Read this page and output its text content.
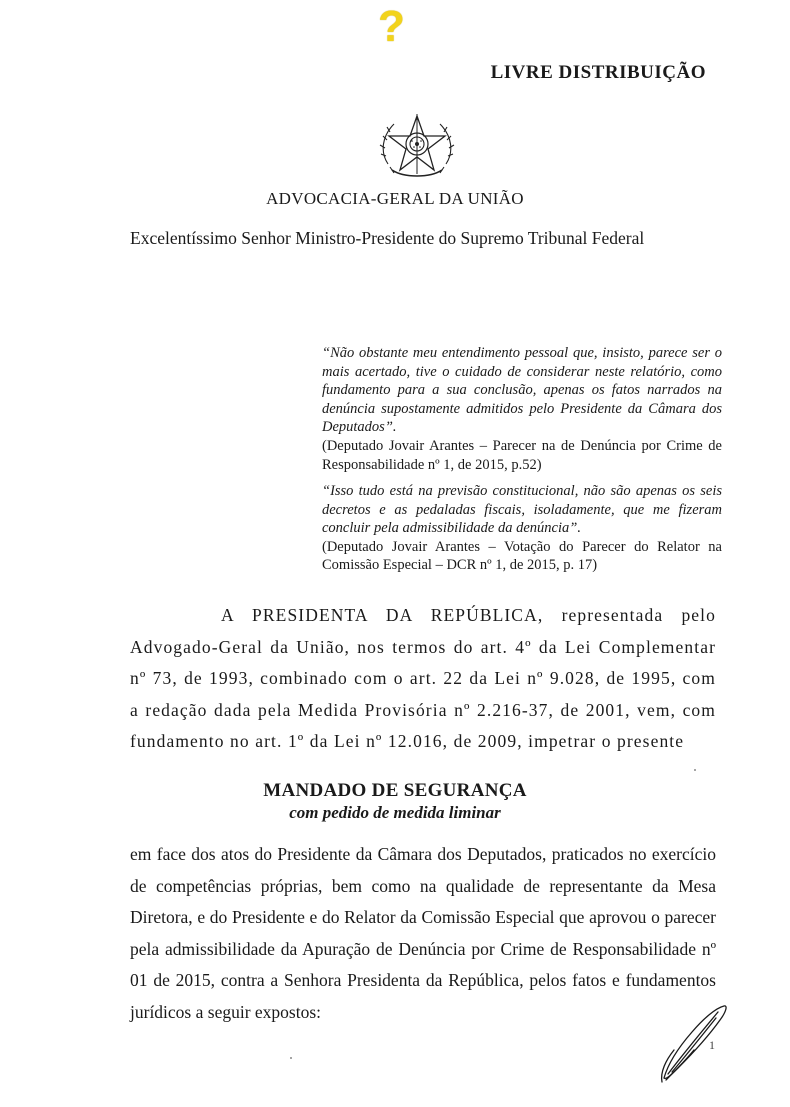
?
LIVRE DISTRIBUIÇÃO
ADVOCACIA-GERAL DA UNIÃO
Excelentíssimo Senhor Ministro-Presidente do Supremo Tribunal Federal

“Não obstante meu entendimento pessoal que, insisto, parece ser o mais acertado, tive o cuidado de considerar neste relatório, como fundamento para a sua conclusão, apenas os fatos narrados na denúncia supostamente admitidos pelo Presidente da Câmara dos Deputados”.

(Deputado Jovair Arantes – Parecer na de Denúncia por Crime de Responsabilidade nº 1, de 2015, p.52)

“Isso tudo está na previsão constitucional, não são apenas os seis decretos e as pedaladas fiscais, isoladamente, que me fizeram concluir pela admissibilidade da denúncia”.

(Deputado Jovair Arantes – Votação do Parecer do Relator na Comissão Especial – DCR nº 1, de 2015, p. 17)

A PRESIDENTA DA REPÚBLICA, representada pelo Advogado-Geral da União, nos termos do art. 4º da Lei Complementar nº 73, de 1993, combinado com o art. 22 da Lei nº 9.028, de 1995, com a redação dada pela Medida Provisória nº 2.216-37, de 2001, vem, com fundamento no art. 1º da Lei nº 12.016, de 2009, impetrar o presente
MANDADO DE SEGURANÇA
com pedido de medida liminar
em face dos atos do Presidente da Câmara dos Deputados, praticados no exercício de competências próprias, bem como na qualidade de representante da Mesa Diretora, e do Presidente e do Relator da Comissão Especial que aprovou o parecer pela admissibilidade da Apuração de Denúncia por Crime de Responsabilidade nº 01 de 2015, contra a Senhora Presidenta da República, pelos fatos e fundamentos jurídicos a seguir expostos:
1
